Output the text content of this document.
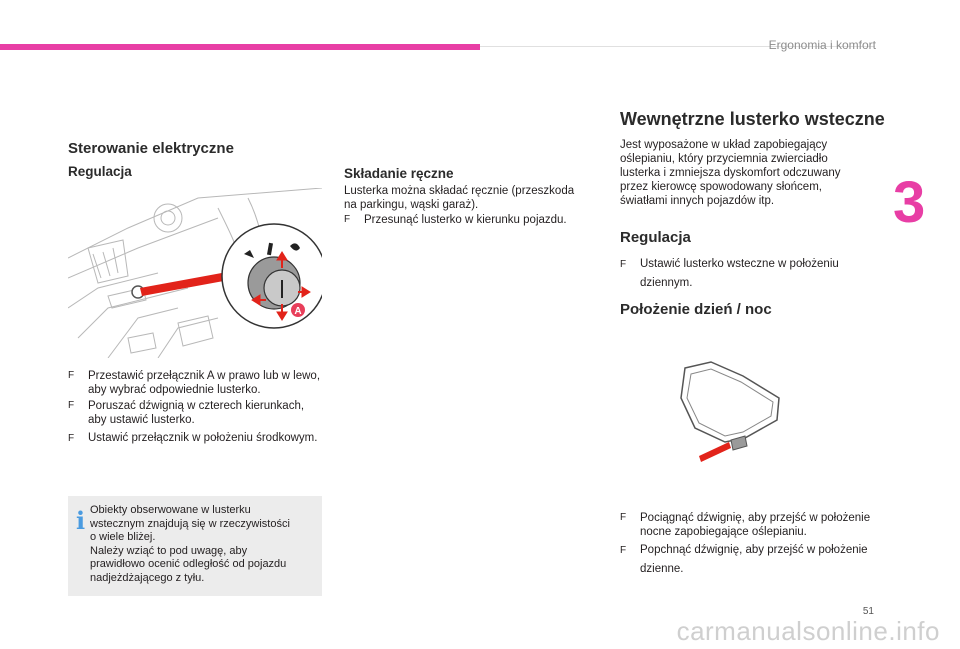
Ergonomia i komfort
3
Sterowanie elektryczne
Regulacja
A
F Przestawić przełącznik A w prawo lub w lewo, aby wybrać odpowiednie lusterko.
F Poruszać dźwignią w czterech kierunkach, aby ustawić lusterko.
F Ustawić przełącznik w położeniu środkowym.
i Obiekty obserwowane w lusterku
wstecznym znajdują się w rzeczywistości
o wiele bliżej.
Należy wziąć to pod uwagę, aby
prawidłowo ocenić odległość od pojazdu
nadjeżdżającego z tyłu.
Składanie ręczne
Lusterka można składać ręcznie (przeszkoda
na parkingu, wąski garaż).
F Przesunąć lusterko w kierunku pojazdu.
Wewnętrzne lusterko wsteczne
Jest wyposażone w układ zapobiegający
oślepianiu, który przyciemnia zwierciadło
lusterka i zmniejsza dyskomfort odczuwany
przez kierowcę spowodowany słońcem,
światłami innych pojazdów itp.
Regulacja
F Ustawić lusterko wsteczne w położeniu dziennym.
Położenie dzień / noc
F Pociągnąć dźwignię, aby przejść w położenie nocne zapobiegające oślepianiu.
F Popchnąć dźwignię, aby przejść w położenie dzienne.
51
carmanualsonline.info
